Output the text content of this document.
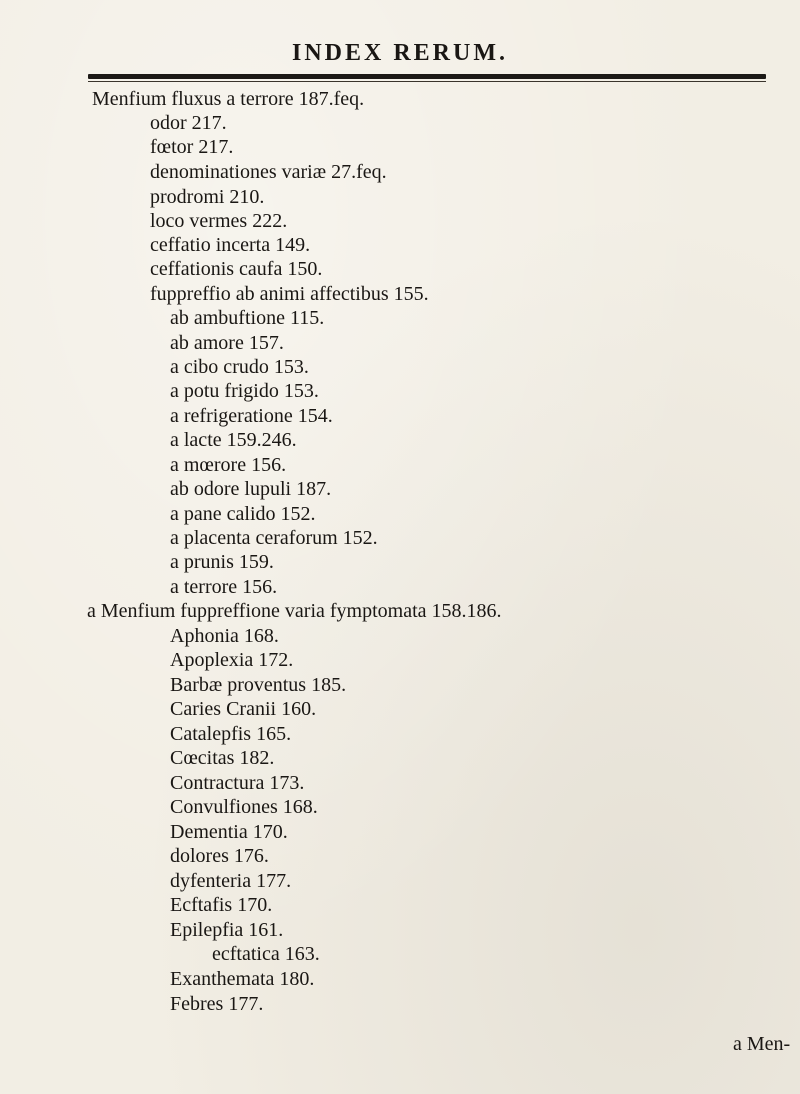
INDEX RERUM.
Menfium fluxus a terrore 187.feq.
odor 217.
fœtor 217.
denominationes variæ 27.feq.
prodromi 210.
loco vermes 222.
ceffatio incerta 149.
ceffationis caufa 150.
fuppreffio ab animi affectibus 155.
ab ambuftione 115.
ab amore 157.
a cibo crudo 153.
a potu frigido 153.
a refrigeratione 154.
a lacte 159.246.
a mœrore 156.
ab odore lupuli 187.
a pane calido 152.
a placenta ceraforum 152.
a prunis 159.
a terrore 156.
a Menfium fuppreffione varia fymptomata 158.186.
Aphonia 168.
Apoplexia 172.
Barbæ proventus 185.
Caries Cranii 160.
Catalepfis 165.
Cœcitas 182.
Contractura 173.
Convulfiones 168.
Dementia 170.
dolores 176.
dyfenteria 177.
Ecftafis 170.
Epilepfia 161.
ecftatica 163.
Exanthemata 180.
Febres 177.
a Men-
